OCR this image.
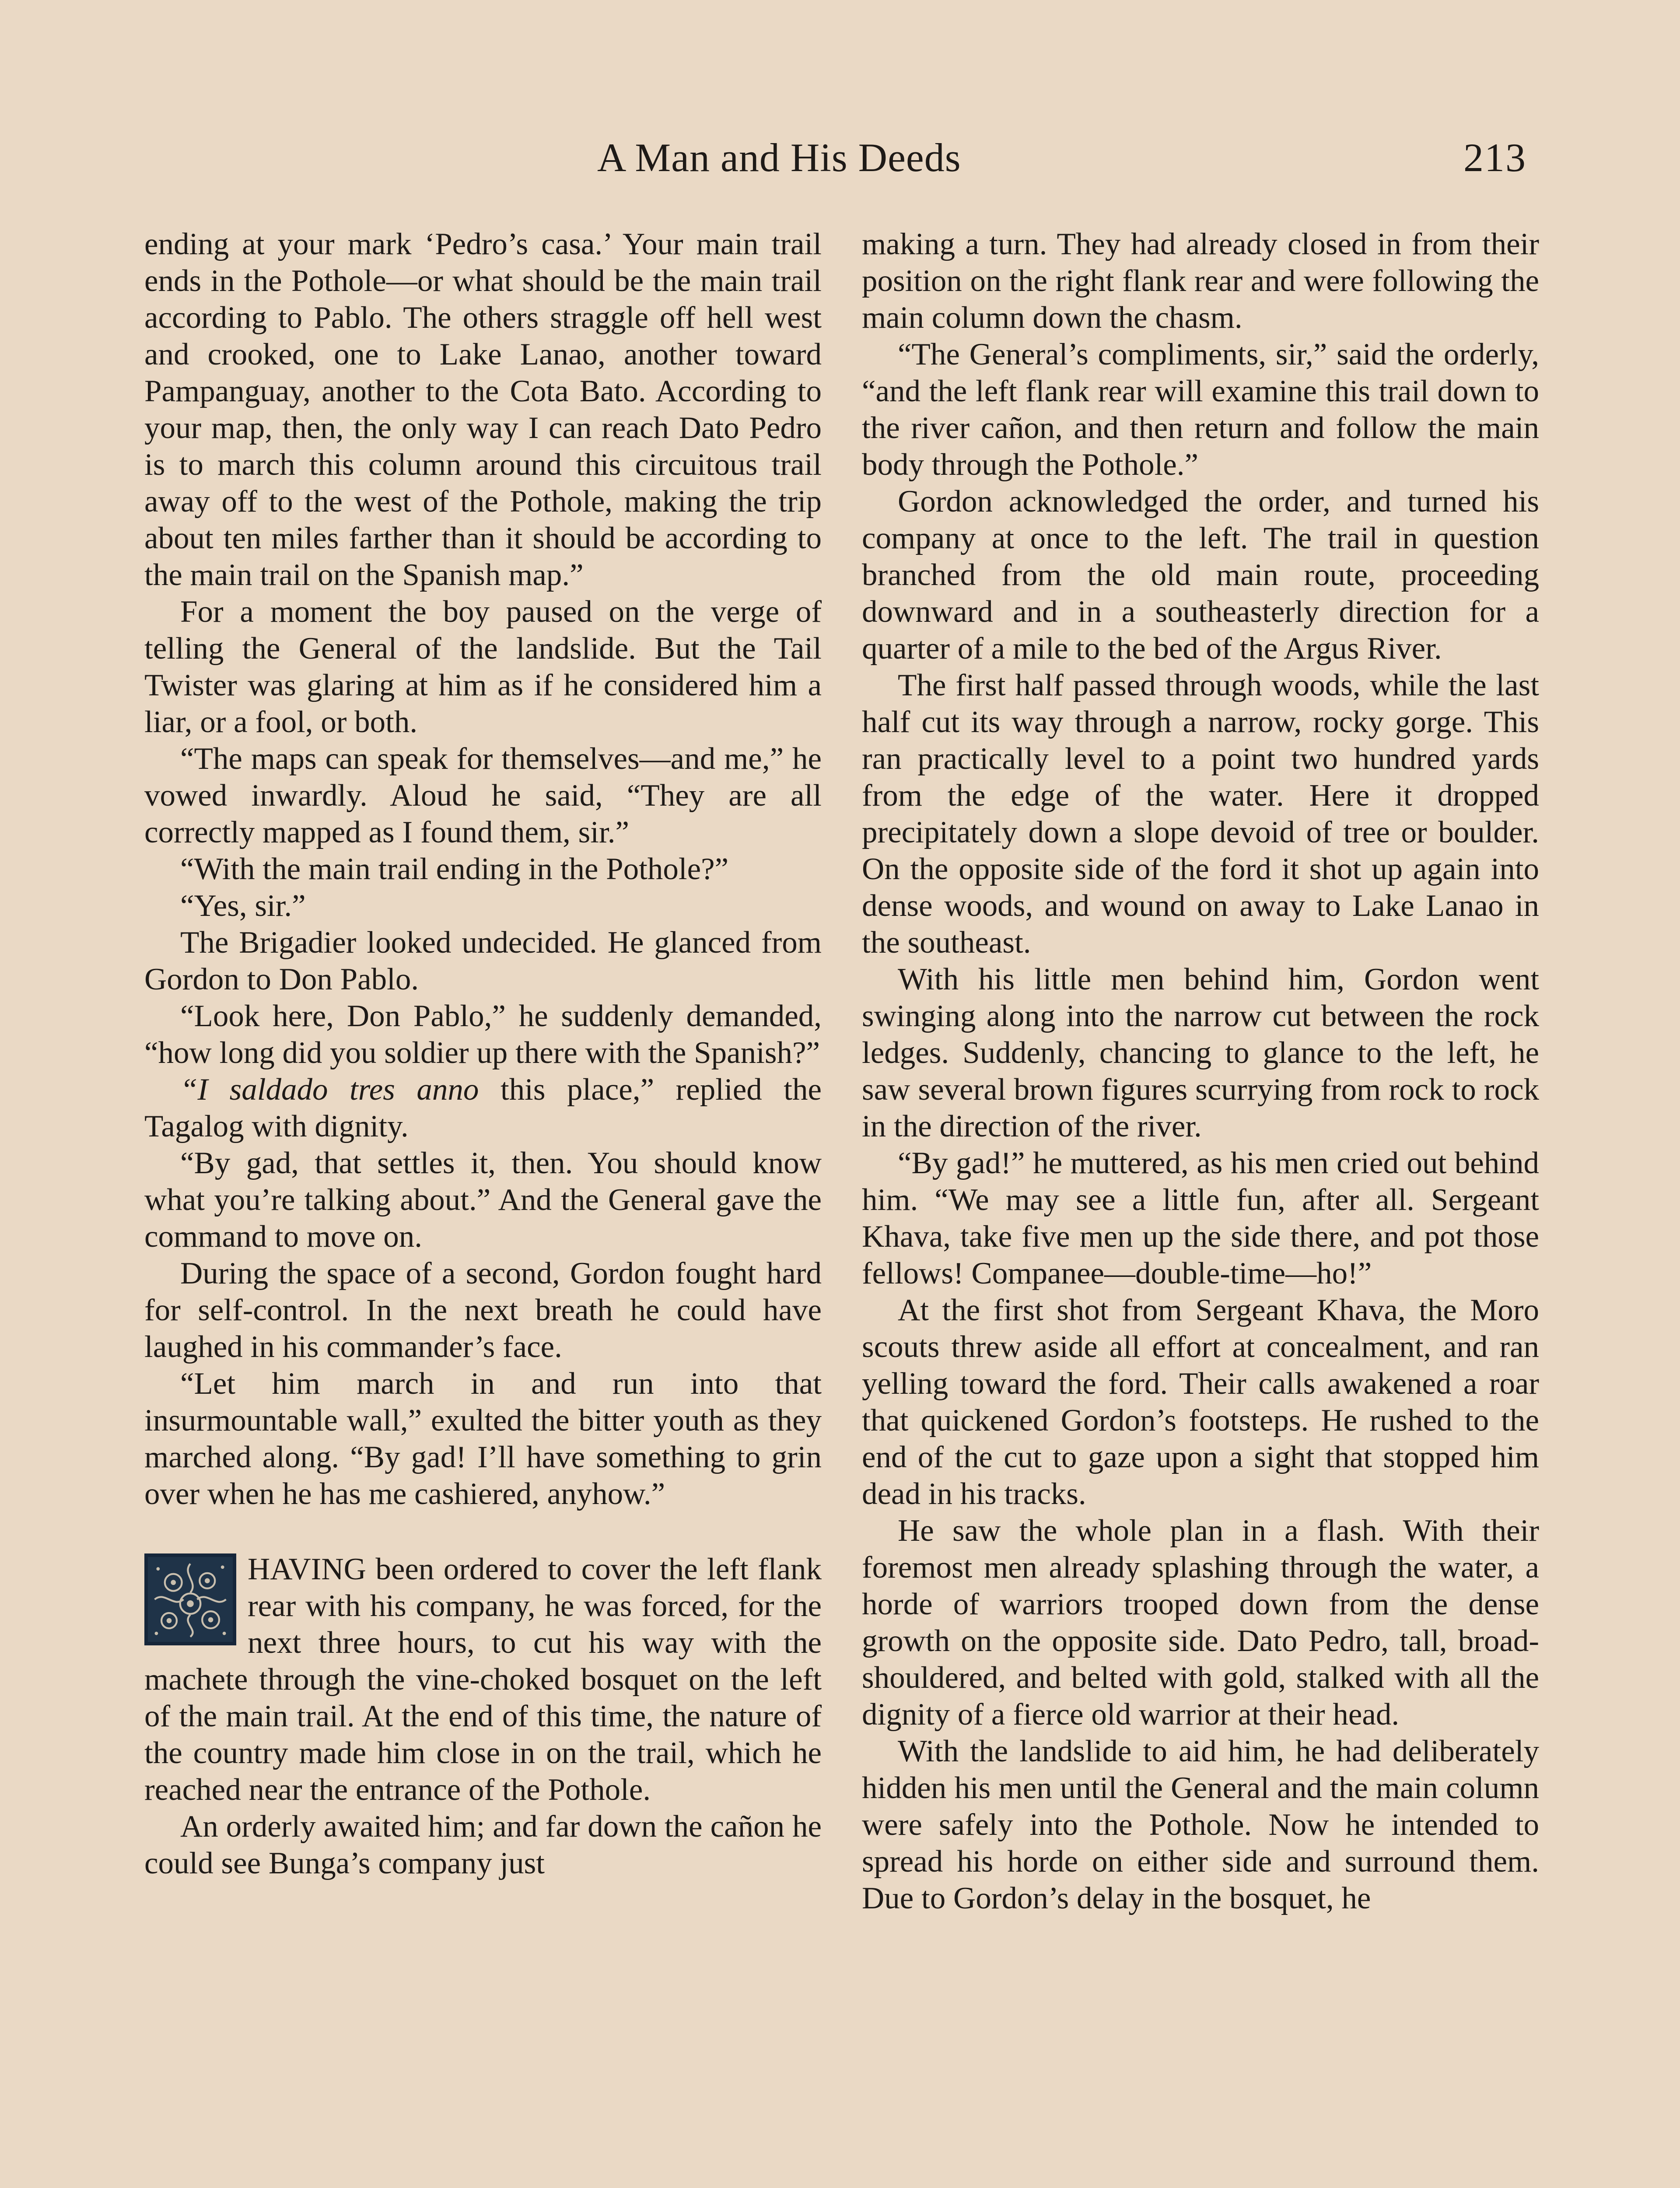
A Man and His Deeds	213

ending at your mark ‘Pedro’s casa.’ Your main trail ends in the Pothole—or what should be the main trail according to Pablo. The others straggle off hell west and crooked, one to Lake Lanao, another toward Pampanguay, another to the Cota Bato. According to your map, then, the only way I can reach Dato Pedro is to march this column around this circuitous trail away off to the west of the Pothole, making the trip about ten miles farther than it should be according to the main trail on the Spanish map.”

For a moment the boy paused on the verge of telling the General of the landslide. But the Tail Twister was glaring at him as if he considered him a liar, or a fool, or both.

“The maps can speak for themselves—and me,” he vowed inwardly. Aloud he said, “They are all correctly mapped as I found them, sir.”

“With the main trail ending in the Pothole?”

“Yes, sir.”

The Brigadier looked undecided. He glanced from Gordon to Don Pablo.

“Look here, Don Pablo,” he suddenly demanded, “how long did you soldier up there with the Spanish?”

“I saldado tres anno this place,” replied the Tagalog with dignity.

“By gad, that settles it, then. You should know what you’re talking about.” And the General gave the command to move on.

During the space of a second, Gordon fought hard for self-control. In the next breath he could have laughed in his commander’s face.

“Let him march in and run into that insurmountable wall,” exulted the bitter youth as they marched along. “By gad! I’ll have something to grin over when he has me cashiered, anyhow.”

HAVING been ordered to cover the left flank rear with his company, he was forced, for the next three hours, to cut his way with the machete through the vine-choked bosquet on the left of the main trail. At the end of this time, the nature of the country made him close in on the trail, which he reached near the entrance of the Pothole.

An orderly awaited him; and far down the cañon he could see Bunga’s company just

making a turn. They had already closed in from their position on the right flank rear and were following the main column down the chasm.

“The General’s compliments, sir,” said the orderly, “and the left flank rear will examine this trail down to the river cañon, and then return and follow the main body through the Pothole.”

Gordon acknowledged the order, and turned his company at once to the left. The trail in question branched from the old main route, proceeding downward and in a southeasterly direction for a quarter of a mile to the bed of the Argus River.

The first half passed through woods, while the last half cut its way through a narrow, rocky gorge. This ran practically level to a point two hundred yards from the edge of the water. Here it dropped precipitately down a slope devoid of tree or boulder. On the opposite side of the ford it shot up again into dense woods, and wound on away to Lake Lanao in the southeast.

With his little men behind him, Gordon went swinging along into the narrow cut between the rock ledges. Suddenly, chancing to glance to the left, he saw several brown figures scurrying from rock to rock in the direction of the river.

“By gad!” he muttered, as his men cried out behind him. “We may see a little fun, after all. Sergeant Khava, take five men up the side there, and pot those fellows! Companee—double-time—ho!”

At the first shot from Sergeant Khava, the Moro scouts threw aside all effort at concealment, and ran yelling toward the ford. Their calls awakened a roar that quickened Gordon’s footsteps. He rushed to the end of the cut to gaze upon a sight that stopped him dead in his tracks.

He saw the whole plan in a flash. With their foremost men already splashing through the water, a horde of warriors trooped down from the dense growth on the opposite side. Dato Pedro, tall, broad-shouldered, and belted with gold, stalked with all the dignity of a fierce old warrior at their head.

With the landslide to aid him, he had deliberately hidden his men until the General and the main column were safely into the Pothole. Now he intended to spread his horde on either side and surround them. Due to Gordon’s delay in the bosquet, he
